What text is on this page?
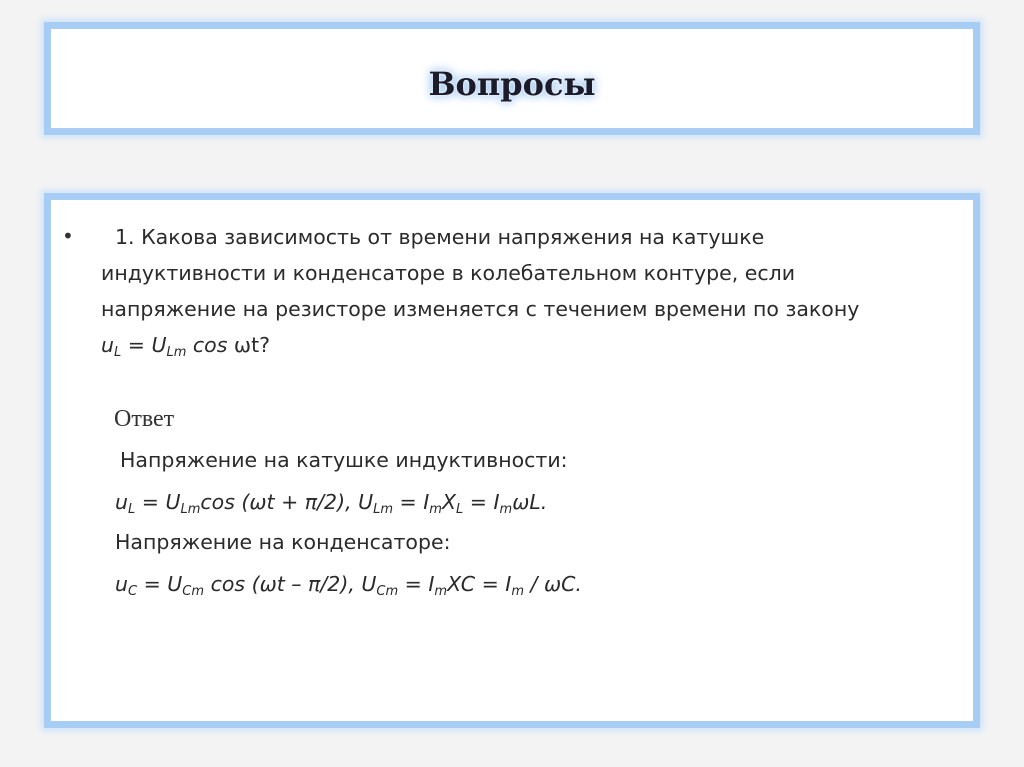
Вопросы
•	1. Какова зависимость от времени напряжения на катушке
индуктивности и конденсаторе в колебательном контуре, если
напряжение на резисторе изменяется с течением времени по закону
$u_L = U_{Lm}$ cos ωt?
Ответ
Напряжение на катушке индуктивности:
$u_L = U_{Lm}\cos$ (ωt + π/2), $U_{Lm} = I_mX_L = I_m\omega L$.
Напряжение на конденсаторе:
$u_C = U_{Cm}$ cos (ωt – π/2), $U_{Cm} = I_mXC = I_m / \omega C$.
